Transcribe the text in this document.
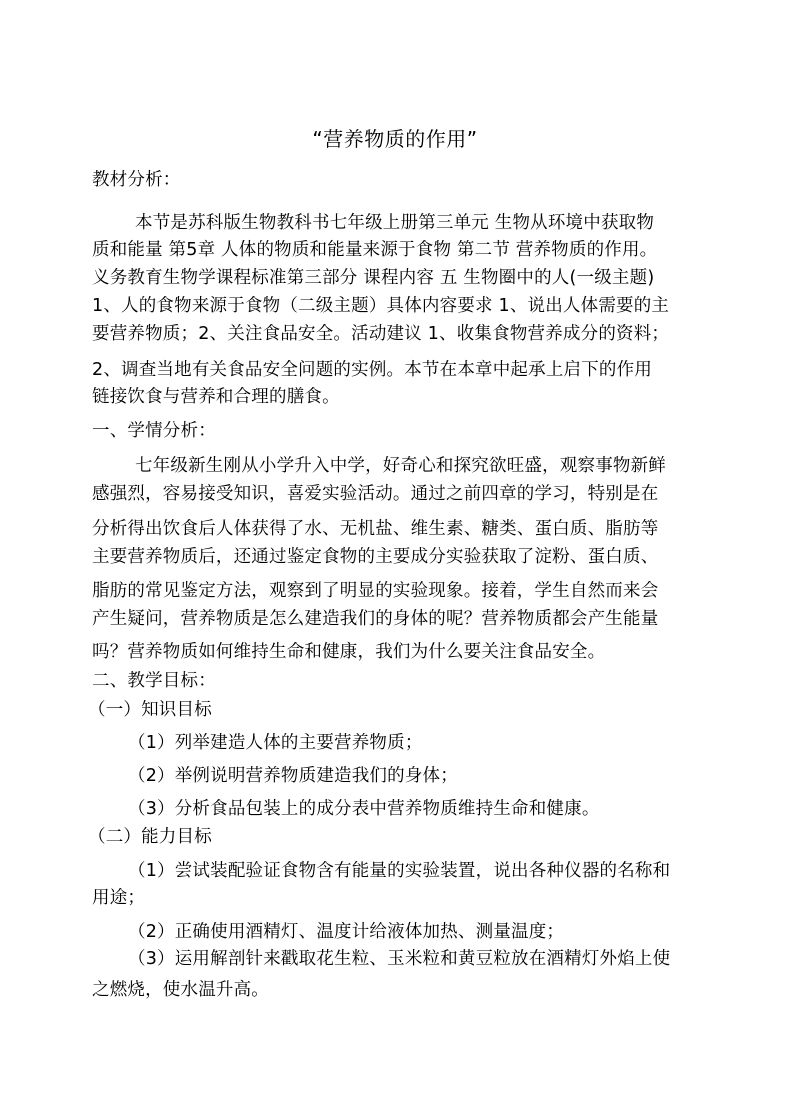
“营养物质的作用”
教材分析：
本节是苏科版生物教科书七年级上册第三单元 生物从环境中获取物
质和能量 第5章 人体的物质和能量来源于食物 第二节 营养物质的作用。
义务教育生物学课程标准第三部分 课程内容 五 生物圈中的人(一级主题)
1、人的食物来源于食物（二级主题）具体内容要求 1、说出人体需要的主
要营养物质；2、关注食品安全。活动建议 1、收集食物营养成分的资料；
2、调查当地有关食品安全问题的实例。本节在本章中起承上启下的作用
链接饮食与营养和合理的膳食。
一、学情分析：
七年级新生刚从小学升入中学，好奇心和探究欲旺盛，观察事物新鲜
感强烈，容易接受知识，喜爱实验活动。通过之前四章的学习，特别是在
分析得出饮食后人体获得了水、无机盐、维生素、糖类、蛋白质、脂肪等
主要营养物质后，还通过鉴定食物的主要成分实验获取了淀粉、蛋白质、
脂肪的常见鉴定方法，观察到了明显的实验现象。接着，学生自然而来会
产生疑问，营养物质是怎么建造我们的身体的呢？营养物质都会产生能量
吗？营养物质如何维持生命和健康，我们为什么要关注食品安全。
二、教学目标：
（一）知识目标
（1）列举建造人体的主要营养物质；
（2）举例说明营养物质建造我们的身体；
（3）分析食品包装上的成分表中营养物质维持生命和健康。
（二）能力目标
（1）尝试装配验证食物含有能量的实验装置，说出各种仪器的名称和
用途；
（2）正确使用酒精灯、温度计给液体加热、测量温度；
（3）运用解剖针来戳取花生粒、玉米粒和黄豆粒放在酒精灯外焰上使
之燃烧，使水温升高。
